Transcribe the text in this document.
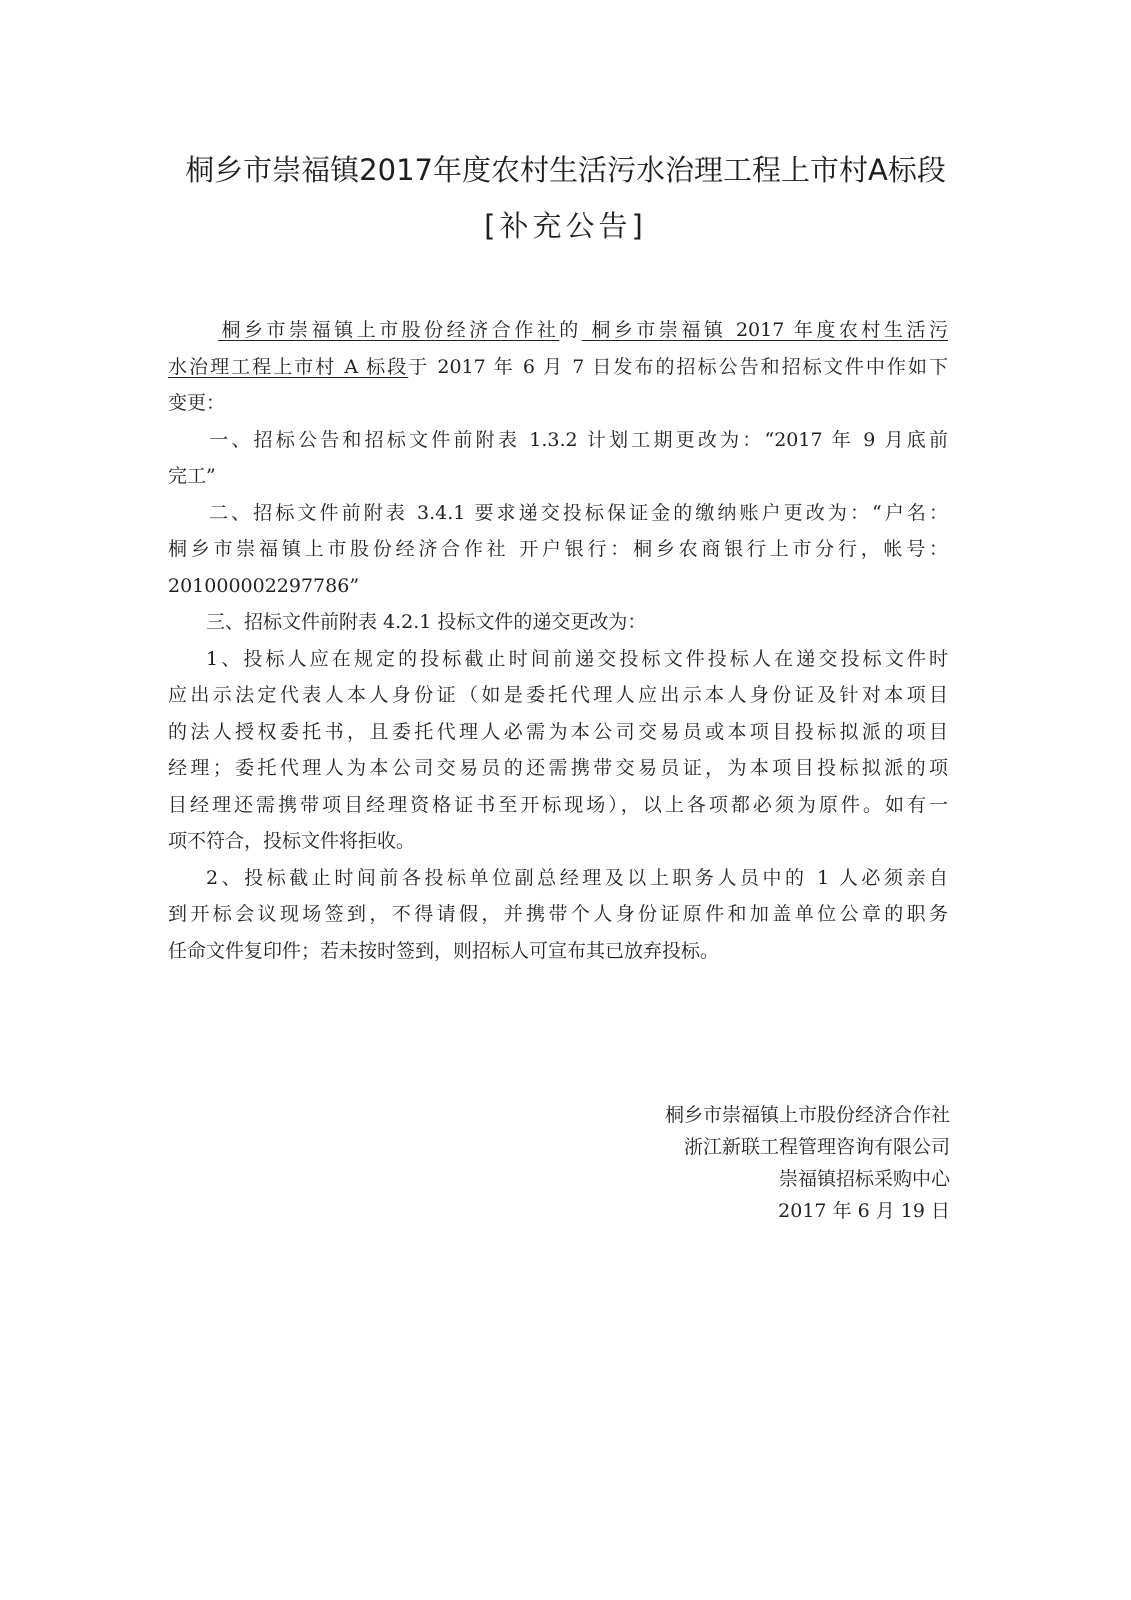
桐乡市崇福镇2017年度农村生活污水治理工程上市村A标段
[补充公告]
桐乡市崇福镇上市股份经济合作社的 桐乡市崇福镇 2017 年度农村生活污
水治理工程上市村 A 标段于 2017 年 6 月 7 日发布的招标公告和招标文件中作如下
变更：
一、招标公告和招标文件前附表 1.3.2 计划工期更改为：“2017 年 9 月底前
完工”
二、招标文件前附表 3.4.1 要求递交投标保证金的缴纳账户更改为：“户名：
桐乡市崇福镇上市股份经济合作社 开户银行：桐乡农商银行上市分行，帐号：
201000002297786”
三、招标文件前附表 4.2.1 投标文件的递交更改为：
1、投标人应在规定的投标截止时间前递交投标文件投标人在递交投标文件时
应出示法定代表人本人身份证（如是委托代理人应出示本人身份证及针对本项目
的法人授权委托书，且委托代理人必需为本公司交易员或本项目投标拟派的项目
经理；委托代理人为本公司交易员的还需携带交易员证，为本项目投标拟派的项
目经理还需携带项目经理资格证书至开标现场），以上各项都必须为原件。如有一
项不符合，投标文件将拒收。
2、投标截止时间前各投标单位副总经理及以上职务人员中的 1 人必须亲自
到开标会议现场签到，不得请假，并携带个人身份证原件和加盖单位公章的职务
任命文件复印件；若未按时签到，则招标人可宣布其已放弃投标。
桐乡市崇福镇上市股份经济合作社
浙江新联工程管理咨询有限公司
崇福镇招标采购中心
2017 年 6 月 19 日
